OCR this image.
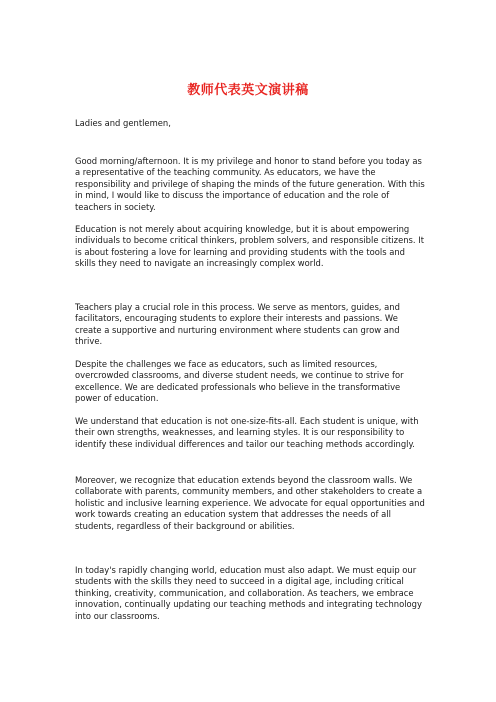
教师代表英文演讲稿

Ladies and gentlemen,

Good morning/afternoon. It is my privilege and honor to stand before you today as a representative of the teaching community. As educators, we have the responsibility and privilege of shaping the minds of the future generation. With this in mind, I would like to discuss the importance of education and the role of teachers in society.

Education is not merely about acquiring knowledge, but it is about empowering individuals to become critical thinkers, problem solvers, and responsible citizens. It is about fostering a love for learning and providing students with the tools and skills they need to navigate an increasingly complex world.

Teachers play a crucial role in this process. We serve as mentors, guides, and facilitators, encouraging students to explore their interests and passions. We create a supportive and nurturing environment where students can grow and thrive.

Despite the challenges we face as educators, such as limited resources, overcrowded classrooms, and diverse student needs, we continue to strive for excellence. We are dedicated professionals who believe in the transformative power of education.

We understand that education is not one-size-fits-all. Each student is unique, with their own strengths, weaknesses, and learning styles. It is our responsibility to identify these individual differences and tailor our teaching methods accordingly.

Moreover, we recognize that education extends beyond the classroom walls. We collaborate with parents, community members, and other stakeholders to create a holistic and inclusive learning experience. We advocate for equal opportunities and work towards creating an education system that addresses the needs of all students, regardless of their background or abilities.

In today's rapidly changing world, education must also adapt. We must equip our students with the skills they need to succeed in a digital age, including critical thinking, creativity, communication, and collaboration. As teachers, we embrace innovation, continually updating our teaching methods and integrating technology into our classrooms.
